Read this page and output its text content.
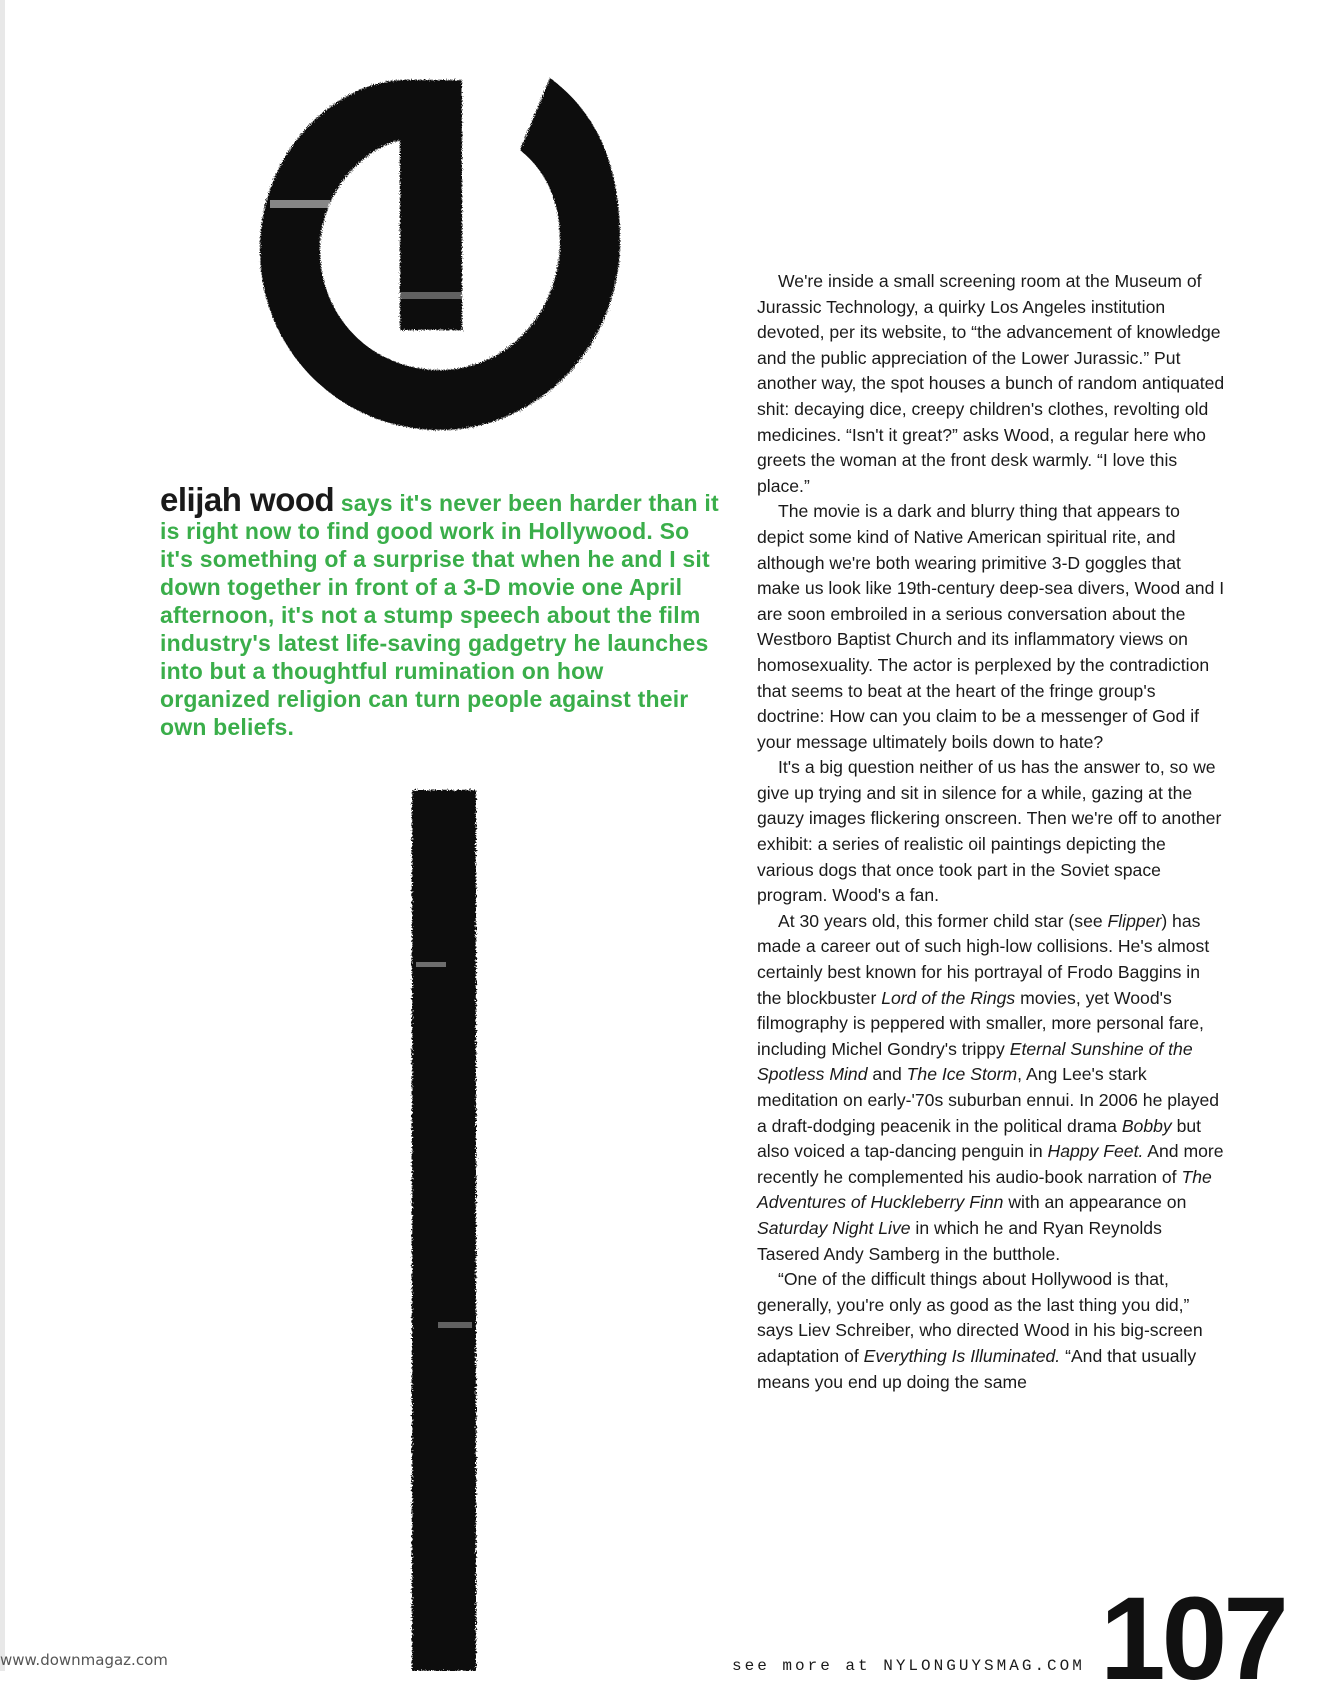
elijah wood says it's never been harder than it is right now to find good work in Hollywood. So it's something of a surprise that when he and I sit down together in front of a 3-D movie one April afternoon, it's not a stump speech about the film industry's latest life-saving gadgetry he launches into but a thoughtful rumination on how organized religion can turn people against their own beliefs.

We're inside a small screening room at the Museum of Jurassic Technology, a quirky Los Angeles institution devoted, per its website, to “the advancement of knowledge and the public appreciation of the Lower Jurassic.” Put another way, the spot houses a bunch of random antiquated shit: decaying dice, creepy children's clothes, revolting old medicines. “Isn't it great?” asks Wood, a regular here who greets the woman at the front desk warmly. “I love this place.”

The movie is a dark and blurry thing that appears to depict some kind of Native American spiritual rite, and although we're both wearing primitive 3-D goggles that make us look like 19th-century deep-sea divers, Wood and I are soon embroiled in a serious conversation about the Westboro Baptist Church and its inflammatory views on homosexuality. The actor is perplexed by the contradiction that seems to beat at the heart of the fringe group's doctrine: How can you claim to be a messenger of God if your message ultimately boils down to hate?

It's a big question neither of us has the answer to, so we give up trying and sit in silence for a while, gazing at the gauzy images flickering onscreen. Then we're off to another exhibit: a series of realistic oil paintings depicting the various dogs that once took part in the Soviet space program. Wood's a fan.

At 30 years old, this former child star (see Flipper) has made a career out of such high-low collisions. He's almost certainly best known for his portrayal of Frodo Baggins in the blockbuster Lord of the Rings movies, yet Wood's filmography is peppered with smaller, more personal fare, including Michel Gondry's trippy Eternal Sunshine of the Spotless Mind and The Ice Storm, Ang Lee's stark meditation on early-'70s suburban ennui. In 2006 he played a draft-dodging peacenik in the political drama Bobby but also voiced a tap-dancing penguin in Happy Feet. And more recently he complemented his audio-book narration of The Adventures of Huckleberry Finn with an appearance on Saturday Night Live in which he and Ryan Reynolds Tasered Andy Samberg in the butthole.

“One of the difficult things about Hollywood is that, generally, you're only as good as the last thing you did,” says Liev Schreiber, who directed Wood in his big-screen adaptation of Everything Is Illuminated. “And that usually means you end up doing the same

see more at NYLONGUYSMAG.COM 107
www.downmagaz.com
